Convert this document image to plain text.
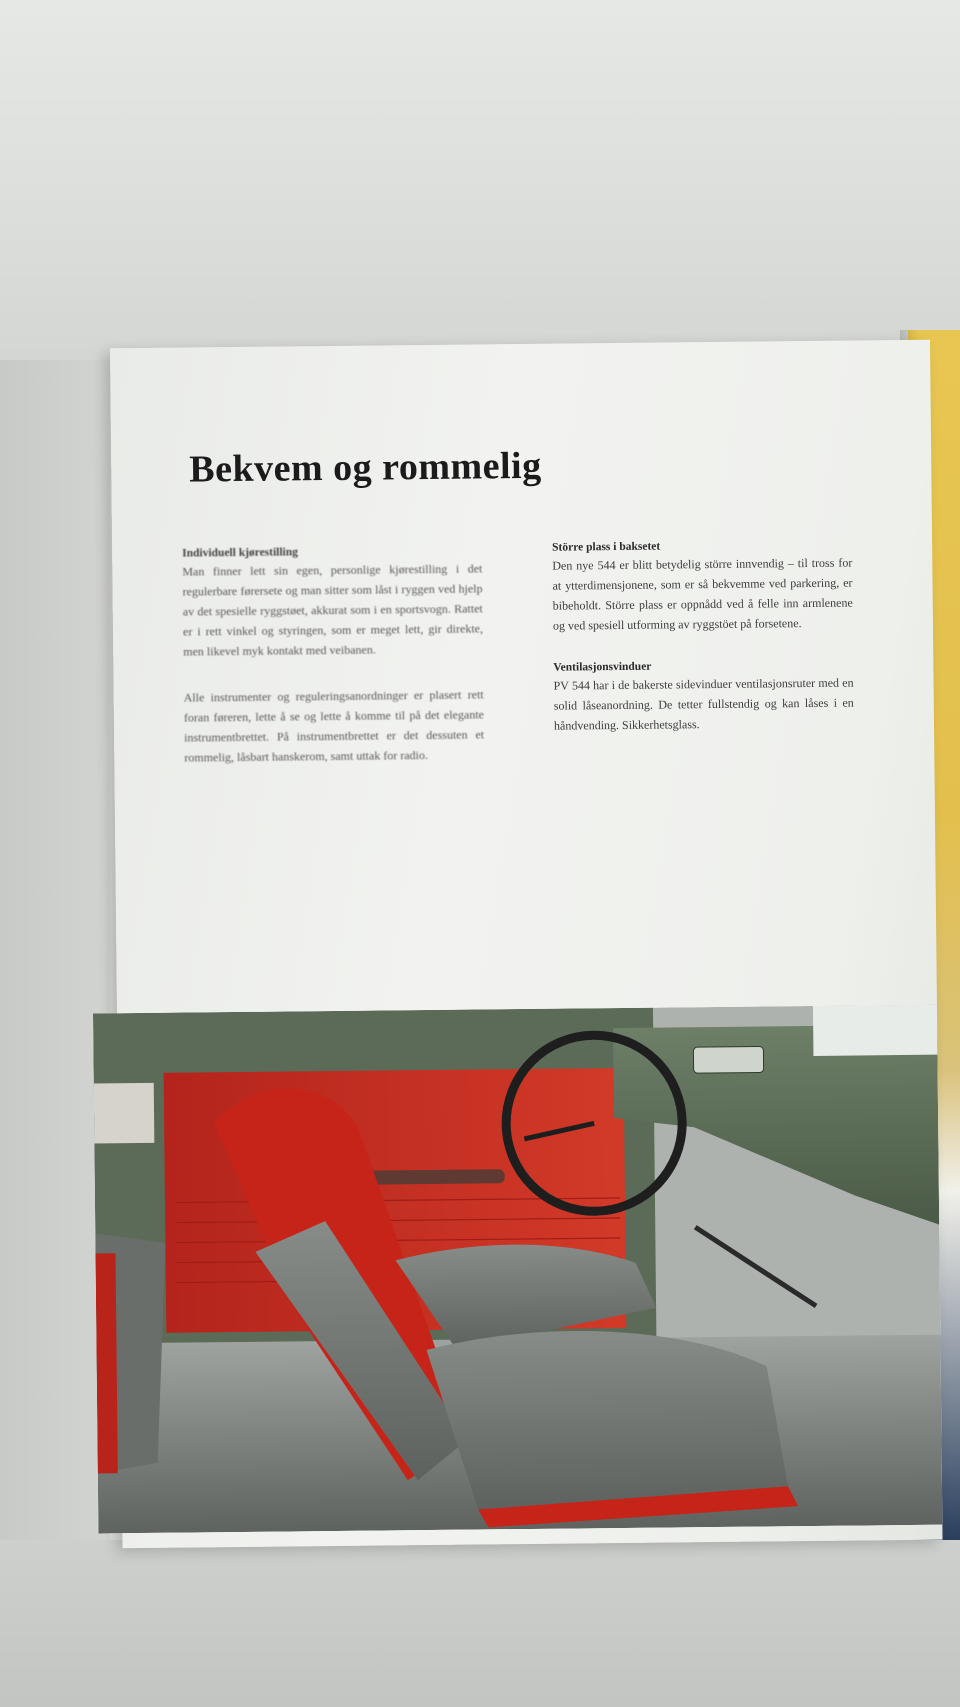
Bekvem og rommelig
Individuell kjørestilling
Man finner lett sin egen, personlige kjørestilling i det regulerbare førersete og man sitter som låst i ryggen ved hjelp av det spesielle ryggstøet, akkurat som i en sportsvogn. Rattet er i rett vinkel og styringen, som er meget lett, gir direkte, men likevel myk kontakt med veibanen.
Alle instrumenter og reguleringsanordninger er plasert rett foran føreren, lette å se og lette å komme til på det elegante instrumentbrettet. På instrumentbrettet er det dessuten et rommelig, låsbart hanskerom, samt uttak for radio.
Större plass i baksetet
Den nye 544 er blitt betydelig större innvendig – til tross for at ytterdimensjonene, som er så bekvemme ved parkering, er bibeholdt. Större plass er oppnådd ved å felle inn armlenene og ved spesiell utforming av ryggstöet på forsetene.
Ventilasjonsvinduer
PV 544 har i de bakerste sidevinduer ventilasjonsruter med en solid låseanordning. De tetter fullstendig og kan låses i en håndvending. Sikkerhetsglass.
